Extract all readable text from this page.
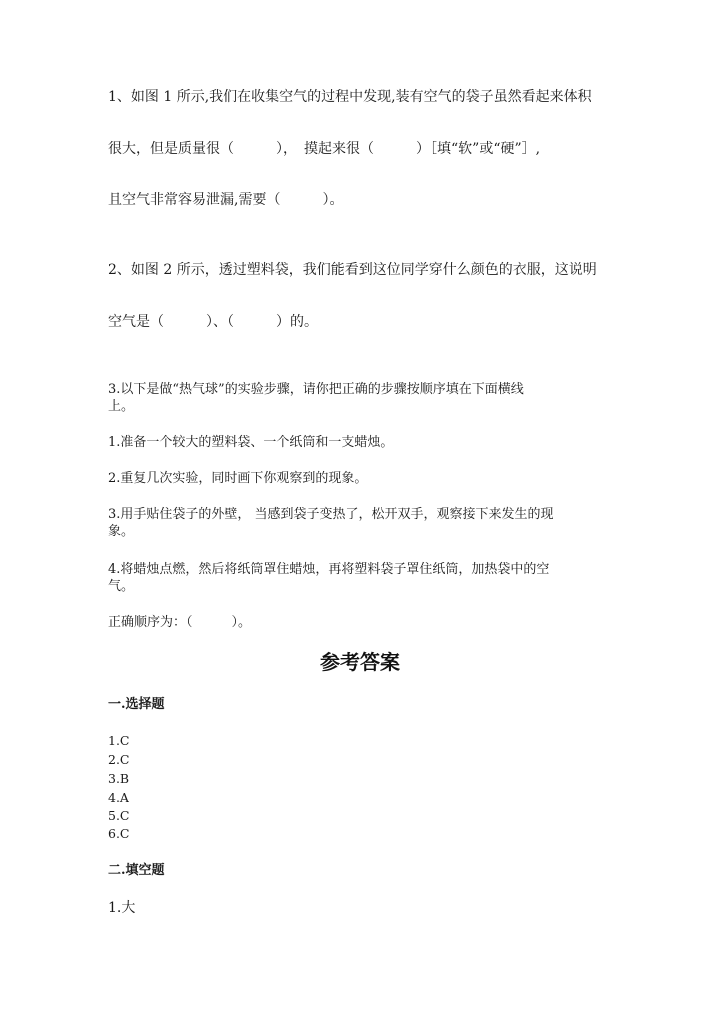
1、如图 1 所示,我们在收集空气的过程中发现,装有空气的袋子虽然看起来体积

很大，但是质量很（　　　），　摸起来很（　　　）［填“软”或“硬”］,

且空气非常容易泄漏,需要（　　　）。

2、如图 2 所示，透过塑料袋，我们能看到这位同学穿什么颜色的衣服，这说明

空气是（　　　）、（　　　）的。

3.以下是做“热气球”的实验步骤，请你把正确的步骤按顺序填在下面横线

上。

1.准备一个较大的塑料袋、一个纸筒和一支蜡烛。

2.重复几次实验，同时画下你观察到的现象。

3.用手贴住袋子的外壁， 当感到袋子变热了，松开双手，观察接下来发生的现

象。

4.将蜡烛点燃，然后将纸筒罩住蜡烛，再将塑料袋子罩住纸筒，加热袋中的空

气。

正确顺序为：（　　　）。

参考答案

一.选择题

1.C

2.C

3.B

4.A

5.C

6.C

二.填空题

1.大
